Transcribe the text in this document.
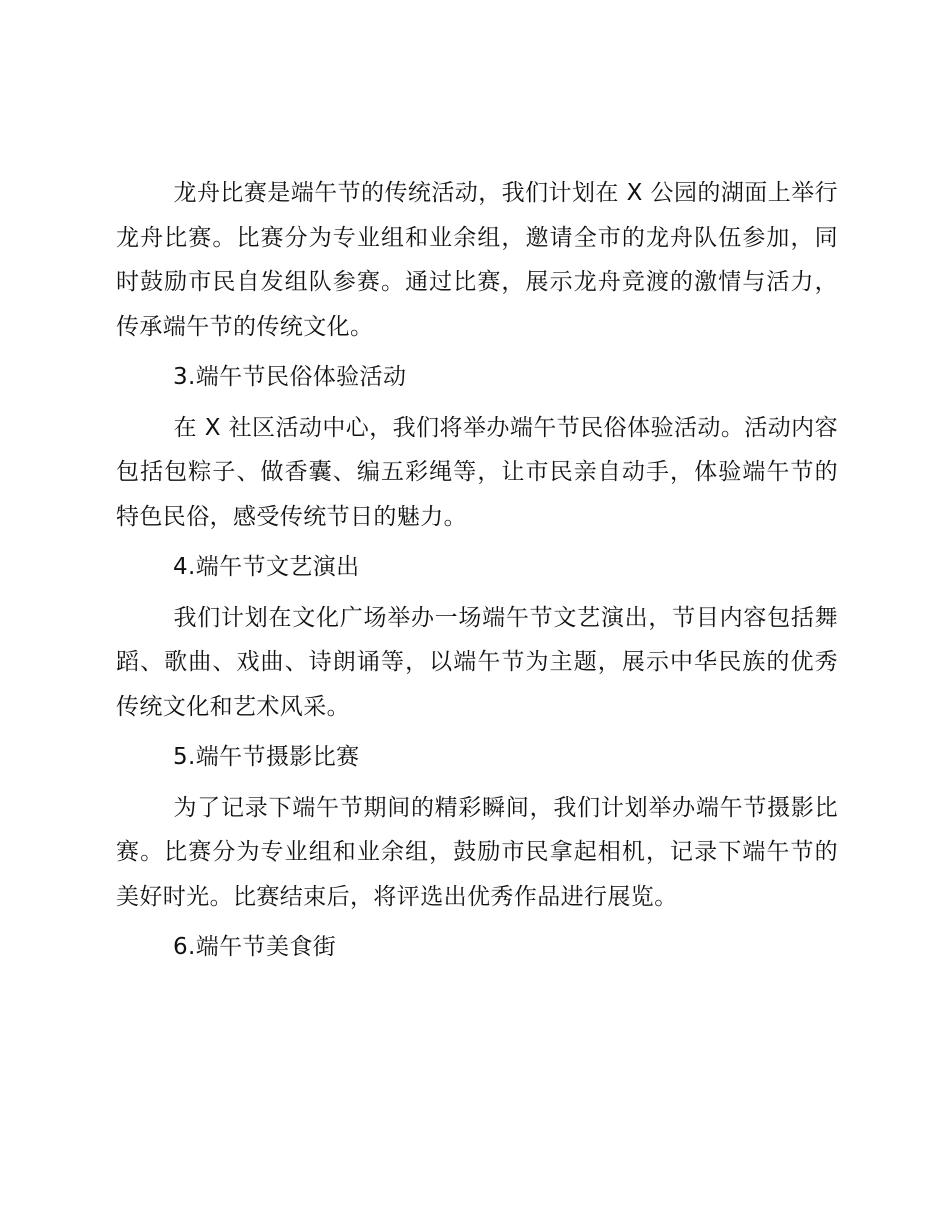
龙舟比赛是端午节的传统活动，我们计划在 X 公园的湖面上举行龙舟比赛。比赛分为专业组和业余组，邀请全市的龙舟队伍参加，同时鼓励市民自发组队参赛。通过比赛，展示龙舟竞渡的激情与活力，传承端午节的传统文化。

3.端午节民俗体验活动

在 X 社区活动中心，我们将举办端午节民俗体验活动。活动内容包括包粽子、做香囊、编五彩绳等，让市民亲自动手，体验端午节的特色民俗，感受传统节日的魅力。

4.端午节文艺演出

我们计划在文化广场举办一场端午节文艺演出，节目内容包括舞蹈、歌曲、戏曲、诗朗诵等，以端午节为主题，展示中华民族的优秀传统文化和艺术风采。

5.端午节摄影比赛

为了记录下端午节期间的精彩瞬间，我们计划举办端午节摄影比赛。比赛分为专业组和业余组，鼓励市民拿起相机，记录下端午节的美好时光。比赛结束后，将评选出优秀作品进行展览。

6.端午节美食街
